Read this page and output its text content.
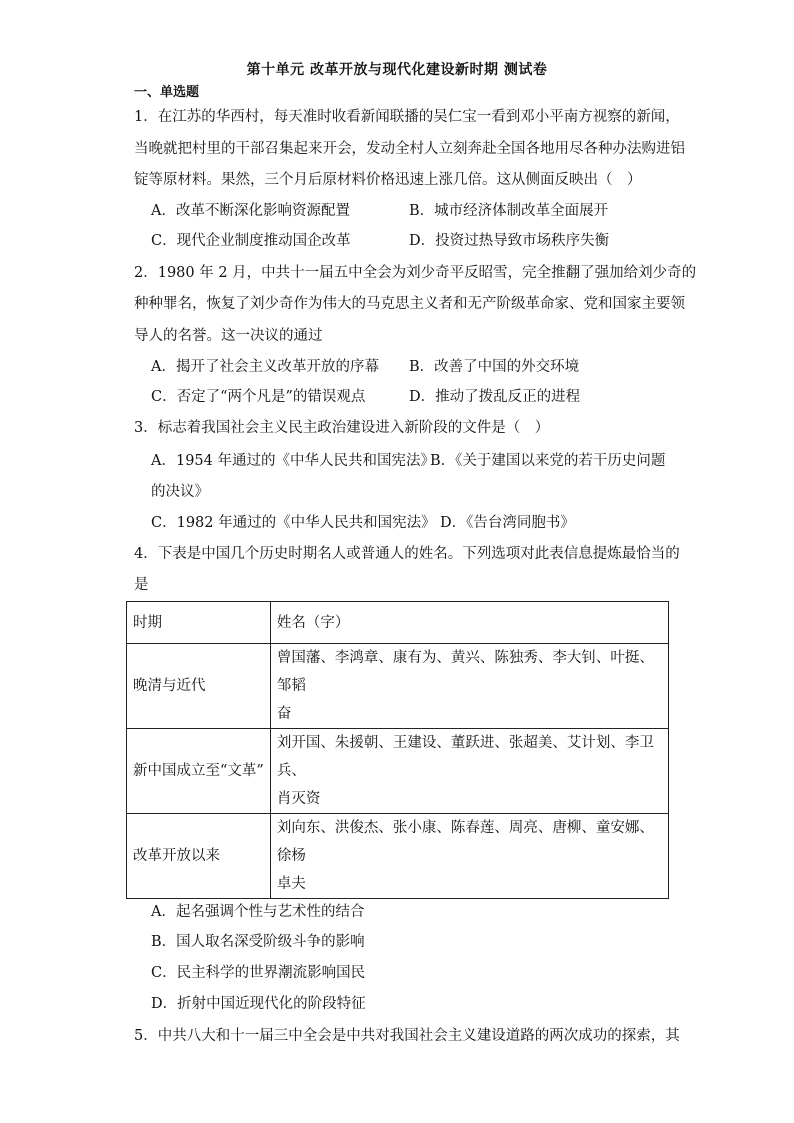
第十单元 改革开放与现代化建设新时期 测试卷
一、单选题
1．在江苏的华西村，每天准时收看新闻联播的吴仁宝一看到邓小平南方视察的新闻，
当晚就把村里的干部召集起来开会，发动全村人立刻奔赴全国各地用尽各种办法购进铝
锭等原材料。果然，三个月后原材料价格迅速上涨几倍。这从侧面反映出（　）
A．改革不断深化影响资源配置	B．城市经济体制改革全面展开
C．现代企业制度推动国企改革	D．投资过热导致市场秩序失衡
2．1980 年 2 月，中共十一届五中全会为刘少奇平反昭雪，完全推翻了强加给刘少奇的
种种罪名，恢复了刘少奇作为伟大的马克思主义者和无产阶级革命家、党和国家主要领
导人的名誉。这一决议的通过
A．揭开了社会主义改革开放的序幕 B．改善了中国的外交环境
C．否定了“两个凡是”的错误观点	D．推动了拨乱反正的进程
3．标志着我国社会主义民主政治建设进入新阶段的文件是（　）
A．1954 年通过的《中华人民共和国宪法》
B．《关于建国以来党的若干历史问题
的决议》
C．1982 年通过的《中华人民共和国宪法》 D．《告台湾同胞书》
4．下表是中国几个历史时期名人或普通人的姓名。下列选项对此表信息提炼最恰当的
是
时期	姓名（字）
晚清与近代	曾国藩、李鸿章、康有为、黄兴、陈独秀、李大钊、叶挺、邹韬
奋
新中国成立至“文革”	刘开国、朱援朝、王建设、董跃进、张超美、艾计划、李卫兵、
肖灭资
改革开放以来	刘向东、洪俊杰、张小康、陈春莲、周亮、唐柳、童安娜、徐杨
卓夫
A．起名强调个性与艺术性的结合
B．国人取名深受阶级斗争的影响
C．民主科学的世界潮流影响国民
D．折射中国近现代化的阶段特征
5．中共八大和十一届三中全会是中共对我国社会主义建设道路的两次成功的探索，其
